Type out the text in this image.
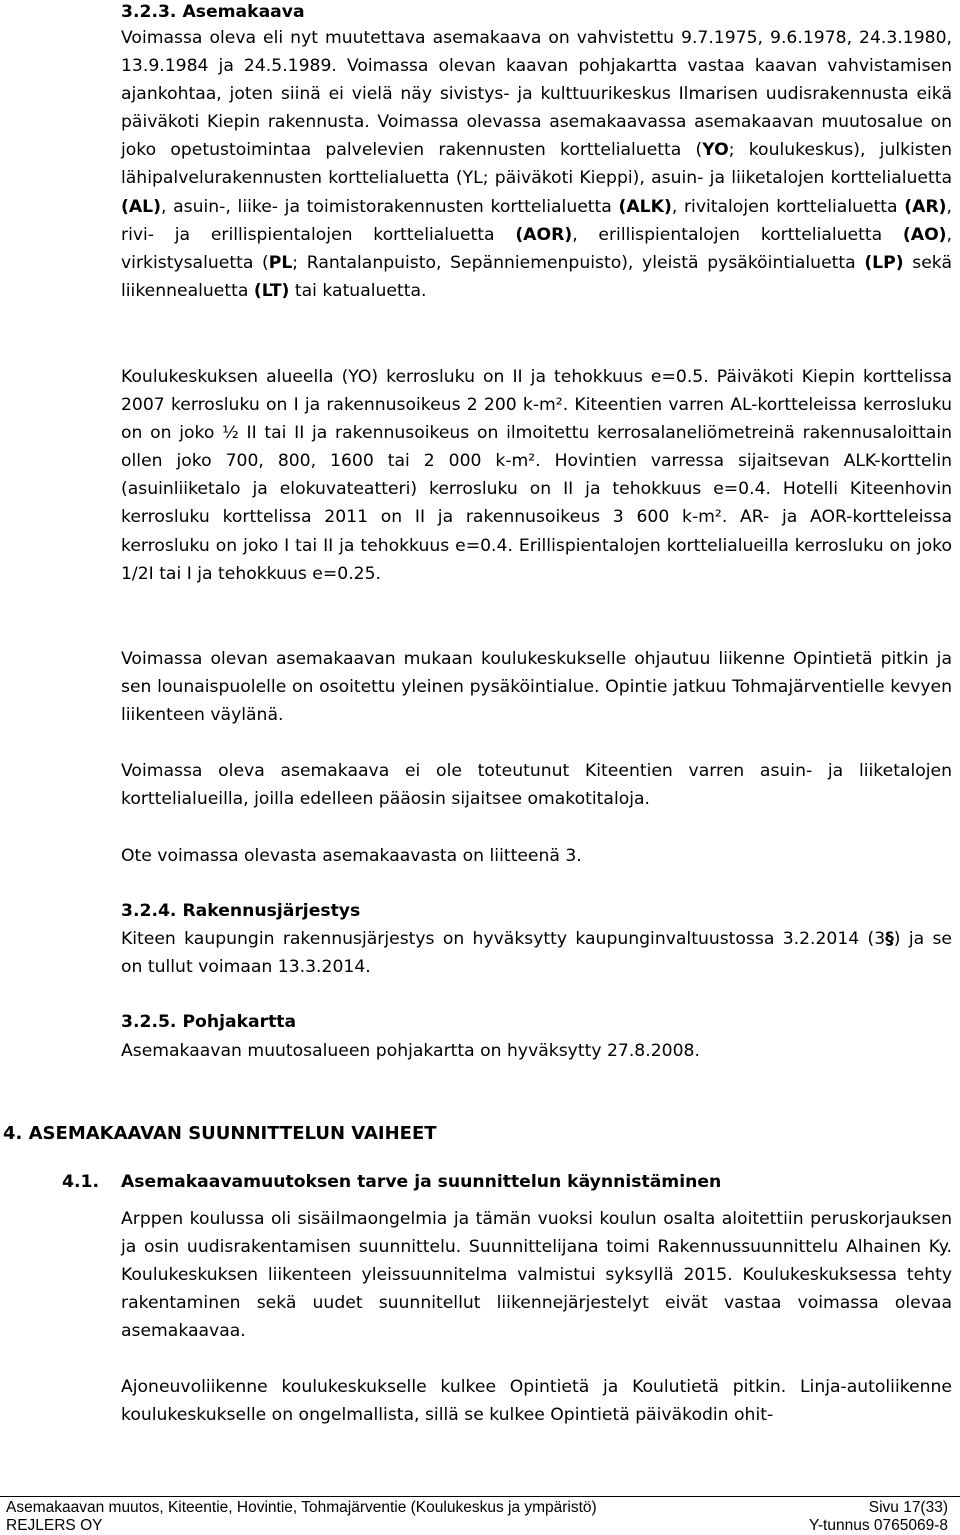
3.2.3. Asemakaava

Voimassa oleva eli nyt muutettava asemakaava on vahvistettu 9.7.1975, 9.6.1978, 24.3.1980, 13.9.1984 ja 24.5.1989. Voimassa olevan kaavan pohjakartta vastaa kaavan vahvistamisen ajankohtaa, joten siinä ei vielä näy sivistys- ja kulttuurikeskus Ilmarisen uudisrakennusta eikä päiväkoti Kiepin rakennusta. Voimassa olevassa asemakaavassa asemakaavan muutosalue on joko opetustoimintaa palvelevien rakennusten korttelialuetta (YO; koulukeskus), julkisten lähipalvelurakennusten korttelialuetta (YL; päiväkoti Kieppi), asuin- ja liiketalojen korttelialuetta (AL), asuin-, liike- ja toimistorakennusten korttelialuetta (ALK), rivitalojen korttelialuetta (AR), rivi- ja erillispientalojen korttelialuetta (AOR), erillispientalojen korttelialuetta (AO), virkistysaluetta (PL; Rantalanpuisto, Sepänniemenpuisto), yleistä pysäköintialuetta (LP) sekä liikennealuetta (LT) tai katualuetta.

Koulukeskuksen alueella (YO) kerrosluku on II ja tehokkuus e=0.5. Päiväkoti Kiepin korttelissa 2007 kerrosluku on I ja rakennusoikeus 2 200 k-m². Kiteentien varren AL-kortteleissa kerrosluku on on joko ½ II tai II ja rakennusoikeus on ilmoitettu kerrosalaneliömetreinä rakennusaloittain ollen joko 700, 800, 1600 tai 2 000 k-m². Hovintien varressa sijaitsevan ALK-korttelin (asuinliiketalo ja elokuvateatteri) kerrosluku on II ja tehokkuus e=0.4. Hotelli Kiteenhovin kerrosluku korttelissa 2011 on II ja rakennusoikeus 3 600 k-m². AR- ja AOR-kortteleissa kerrosluku on joko I tai II ja tehokkuus e=0.4. Erillispientalojen korttelialueilla kerrosluku on joko 1/2I tai I ja tehokkuus e=0.25.

Voimassa olevan asemakaavan mukaan koulukeskukselle ohjautuu liikenne Opintietä pitkin ja sen lounaispuolelle on osoitettu yleinen pysäköintialue. Opintie jatkuu Tohmajärventielle kevyen liikenteen väylänä.

Voimassa oleva asemakaava ei ole toteutunut Kiteentien varren asuin- ja liiketalojen korttelialueilla, joilla edelleen pääosin sijaitsee omakotitaloja.

Ote voimassa olevasta asemakaavasta on liitteenä 3.

3.2.4. Rakennusjärjestys

Kiteen kaupungin rakennusjärjestys on hyväksytty kaupunginvaltuustossa 3.2.2014 (3§) ja se on tullut voimaan 13.3.2014.

3.2.5. Pohjakartta

Asemakaavan muutosalueen pohjakartta on hyväksytty 27.8.2008.

4. ASEMAKAAVAN SUUNNITTELUN VAIHEET
4.1. Asemakaavamuutoksen tarve ja suunnittelun käynnistäminen

Arppen koulussa oli sisäilmaongelmia ja tämän vuoksi koulun osalta aloitettiin peruskorjauksen ja osin uudisrakentamisen suunnittelu. Suunnittelijana toimi Rakennussuunnittelu Alhainen Ky. Koulukeskuksen liikenteen yleissuunnitelma valmistui syksyllä 2015. Koulukeskuksessa tehty rakentaminen sekä uudet suunnitellut liikennejärjestelyt eivät vastaa voimassa olevaa asemakaavaa.

Ajoneuvoliikenne koulukeskukselle kulkee Opintietä ja Koulutietä pitkin. Linja-autoliikenne koulukeskukselle on ongelmallista, sillä se kulkee Opintietä päiväkodin ohit-

Asemakaavan muutos, Kiteentie, Hovintie, Tohmajärventie (Koulukeskus ja ympäristö)	Sivu 17(33)
REJLERS OY	Y-tunnus 0765069-8
